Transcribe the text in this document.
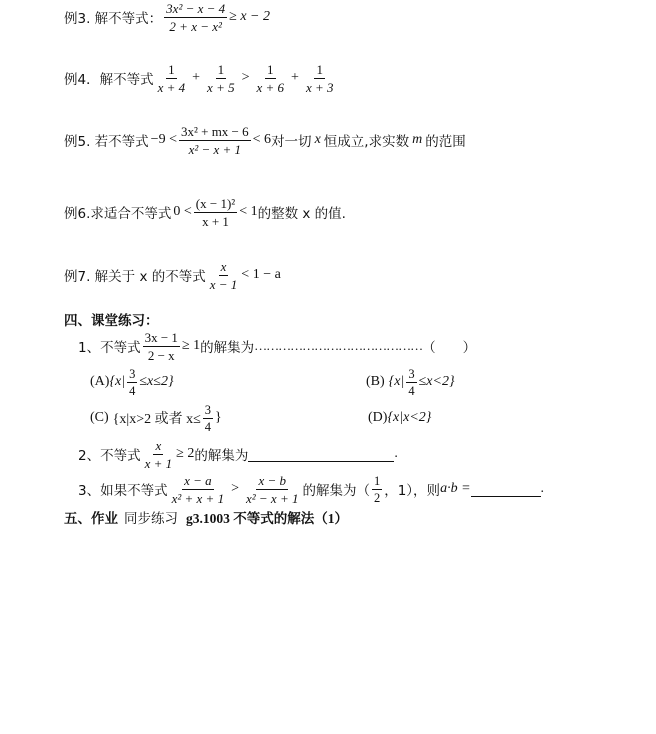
例3. 解不等式： $\frac{\text{3x² − x − 4}}{\text{2 + x − x²}} \ge x - 2$
例4．解不等式 $\frac{1}{x + 4} + \frac{1}{x + 5} > \frac{1}{x + 6} + \frac{1}{x + 3}$
例5. 若不等式 $-9 < \frac{\text{3x² + mx − 6}}{\text{x² − x + 1}} < 6$ 对一切 x 恒成立,求实数 m 的范围
例6.求适合不等式 $0 < \frac{\text{(x − 1)²}}{x + 1} < 1$ 的整数 x 的值.
例7. 解关于 x 的不等式 $\frac{x}{x - 1} < 1 - a$
四、课堂练习：
1、不等式 $\frac{3x - 1}{2 - x} \ge 1$ 的解集为 …………………………………… （　　）
(A) $\{x| \frac{3}{4} \le x\le 2\}$	(B) $\{x| \frac{3}{4} \le x<2\}$
(C) {x|x>2 或者 $x\le \frac{3}{4}$ }	(D) {x|x<2}
2、不等式 $\frac{x}{x + 1} \ge 2$ 的解集为	.
3、如果不等式 $\frac{x - a}{\text{x² + x + 1}} > \frac{x - b}{\text{x² − x + 1}}$ 的解集为（ $\frac{1}{2}$ ，1），则 a·b =	.
五、作业 同步练习 g3.1003 不等式的解法（1）
